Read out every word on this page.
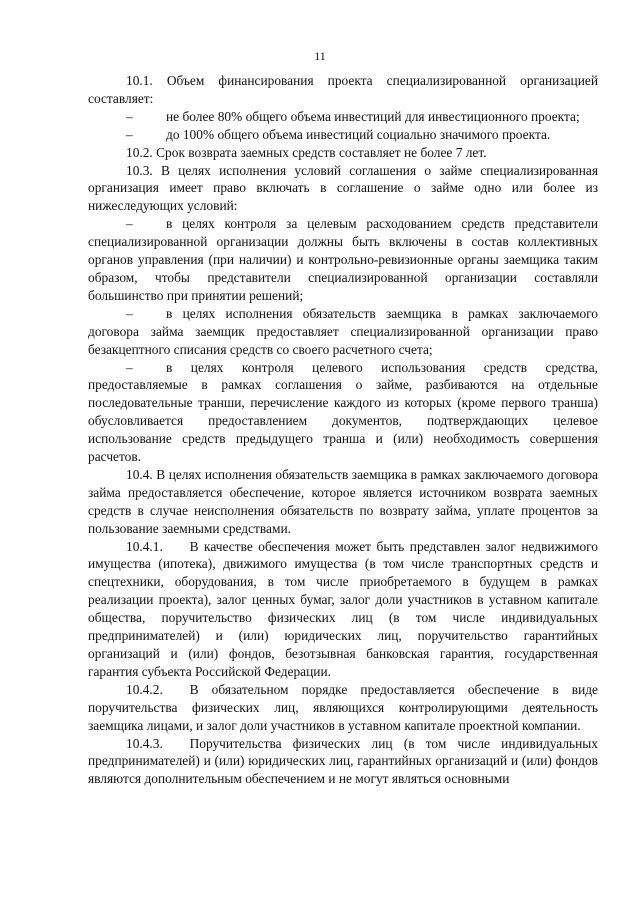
11

10.1. Объем финансирования проекта специализированной организацией составляет:

–не более 80% общего объема инвестиций для инвестиционного проекта;

–до 100% общего объема инвестиций социально значимого проекта.

10.2. Срок возврата заемных средств составляет не более 7 лет.

10.3. В целях исполнения условий соглашения о займе специализированная организация имеет право включать в соглашение о займе одно или более из нижеследующих условий:

–в целях контроля за целевым расходованием средств представители специализированной организации должны быть включены в состав коллективных органов управления (при наличии) и контрольно-ревизионные органы заемщика таким образом, чтобы представители специализированной организации составляли большинство при принятии решений;

–в целях исполнения обязательств заемщика в рамках заключаемого договора займа заемщик предоставляет специализированной организации право безакцептного списания средств со своего расчетного счета;

–в целях контроля целевого использования средств средства, предоставляемые в рамках соглашения о займе, разбиваются на отдельные последовательные транши, перечисление каждого из которых (кроме первого транша) обусловливается предоставлением документов, подтверждающих целевое использование средств предыдущего транша и (или) необходимость совершения расчетов.

10.4. В целях исполнения обязательств заемщика в рамках заключаемого договора займа предоставляется обеспечение, которое является источником возврата заемных средств в случае неисполнения обязательств по возврату займа, уплате процентов за пользование заемными средствами.

10.4.1.  В качестве обеспечения может быть представлен залог недвижимого имущества (ипотека), движимого имущества (в том числе транспортных средств и спецтехники, оборудования, в том числе приобретаемого в будущем в рамках реализации проекта), залог ценных бумаг, залог доли участников в уставном капитале общества, поручительство физических лиц (в том числе индивидуальных предпринимателей) и (или) юридических лиц, поручительство гарантийных организаций и (или) фондов, безотзывная банковская гарантия, государственная гарантия субъекта Российской Федерации.

10.4.2.  В обязательном порядке предоставляется обеспечение в виде поручительства физических лиц, являющихся контролирующими деятельность заемщика лицами, и залог доли участников в уставном капитале проектной компании.

10.4.3.  Поручительства физических лиц (в том числе индивидуальных предпринимателей) и (или) юридических лиц, гарантийных организаций и (или) фондов являются дополнительным обеспечением и не могут являться основными
